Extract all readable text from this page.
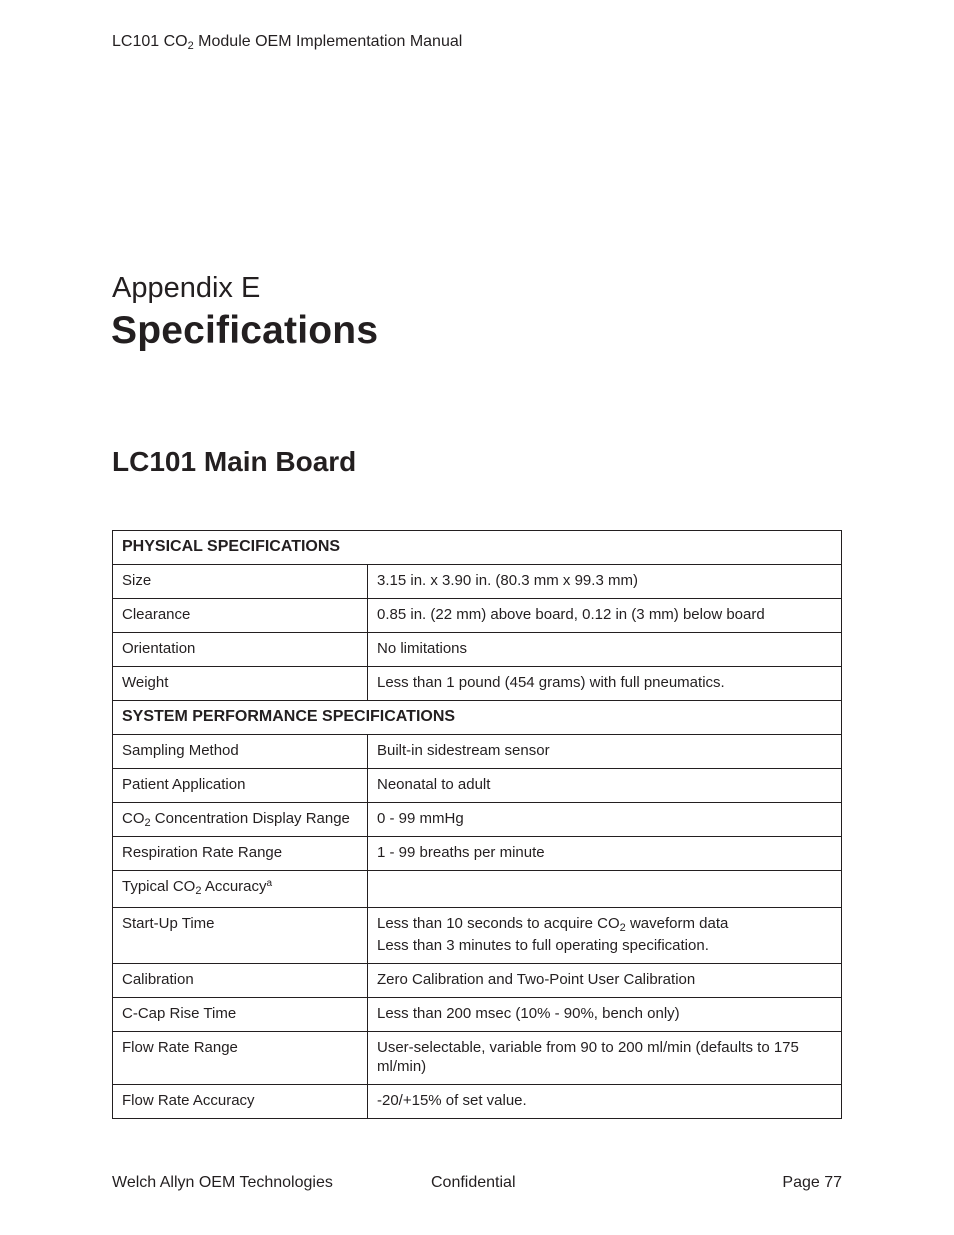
LC101 $CO_2$ Module OEM Implementation Manual
Appendix E
Specifications
LC101 Main Board
PHYSICAL SPECIFICATIONS	
Size	3.15 in. x 3.90 in. (80.3 mm x 99.3 mm)
Clearance	0.85 in. (22 mm) above board, 0.12 in (3 mm) below board
Orientation	No limitations
Weight	Less than 1 pound (454 grams) with full pneumatics.
SYSTEM PERFORMANCE SPECIFICATIONS	
Sampling Method	Built-in sidestream sensor
Patient Application	Neonatal to adult
$CO_2$ Concentration Display Range	0 - 99 mmHg
Respiration Rate Range	1 - 99 breaths per minute
Typical $CO_2$ Accuracy$^a$	
Start-Up Time	Less than 10 seconds to acquire $CO_2$ waveform data
Less than 3 minutes to full operating specification.

Calibration	Zero Calibration and Two-Point User Calibration
C-Cap Rise Time	Less than 200 msec (10% - 90%, bench only)
Flow Rate Range	User-selectable, variable from 90 to 200 ml/min (defaults to 175 ml/min)
Flow Rate Accuracy	-20/+15% of set value.
Welch Allyn OEM Technologies	Confidential	Page 77
